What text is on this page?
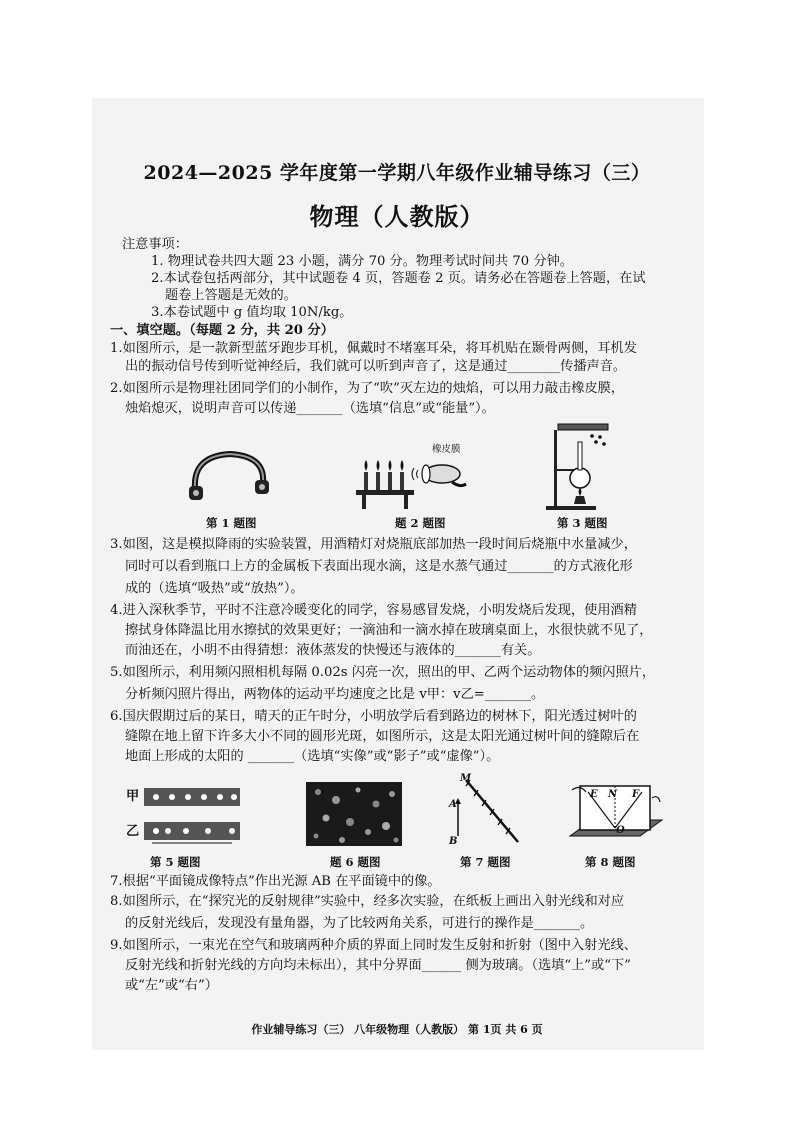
2024—2025 学年度第一学期八年级作业辅导练习（三）
物理（人教版）
注意事项：
1. 物理试卷共四大题 23 小题，满分 70 分。物理考试时间共 70 分钟。
2.本试卷包括两部分，其中试题卷 4 页，答题卷 2 页。请务必在答题卷上答题，在试
题卷上答题是无效的。
3.本卷试题中 g 值均取 10N/kg。
一、填空题。（每题 2 分，共 20 分）
1.如图所示，是一款新型蓝牙跑步耳机，佩戴时不堵塞耳朵，将耳机贴在颞骨两侧，耳机发
出的振动信号传到听觉神经后，我们就可以听到声音了，这是通过________传播声音。
2.如图所示是物理社团同学们的小制作，为了“吹”灭左边的烛焰，可以用力敲击橡皮膜，
烛焰熄灭，说明声音可以传递_______（选填“信息”或“能量”）。
第 1 题图
橡皮膜
题 2 题图	第 3 题图
3.如图，这是模拟降雨的实验装置，用酒精灯对烧瓶底部加热一段时间后烧瓶中水量减少，
同时可以看到瓶口上方的金属板下表面出现水滴，这是水蒸气通过_______的方式液化形
成的（选填“吸热”或“放热”）。
4.进入深秋季节，平时不注意冷暖变化的同学，容易感冒发烧，小明发烧后发现，使用酒精
擦拭身体降温比用水擦拭的效果更好；一滴油和一滴水掉在玻璃桌面上，水很快就不见了，
而油还在，小明不由得猜想：液体蒸发的快慢还与液体的_______有关。
5.如图所示，利用频闪照相机每隔 0.02s 闪亮一次，照出的甲、乙两个运动物体的频闪照片，
分析频闪照片得出，两物体的运动平均速度之比是 v甲：v乙=_______。
6.国庆假期过后的某日，晴天的正午时分，小明放学后看到路边的树林下，阳光透过树叶的
缝隙在地上留下许多大小不同的圆形光斑，如图所示，这是太阳光通过树叶间的缝隙后在
地面上形成的太阳的 _______（选填“实像”或“影子”或“虚像”）。
甲
乙
第 5 题图	题 6 题图
M
A
B
第 7 题图
E N F
O
第 8 题图
7.根据“平面镜成像特点”作出光源 AB 在平面镜中的像。
8.如图所示，在“探究光的反射规律”实验中，经多次实验，在纸板上画出入射光线和对应
的反射光线后，发现没有量角器，为了比较两角关系，可进行的操作是_______。
9.如图所示，一束光在空气和玻璃两种介质的界面上同时发生反射和折射（图中入射光线、
反射光线和折射光线的方向均未标出），其中分界面______ 侧为玻璃。（选填“上”或“下”
或“左”或“右”）
作业辅导练习（三） 八年级物理（人教版） 第 1页 共 6 页
